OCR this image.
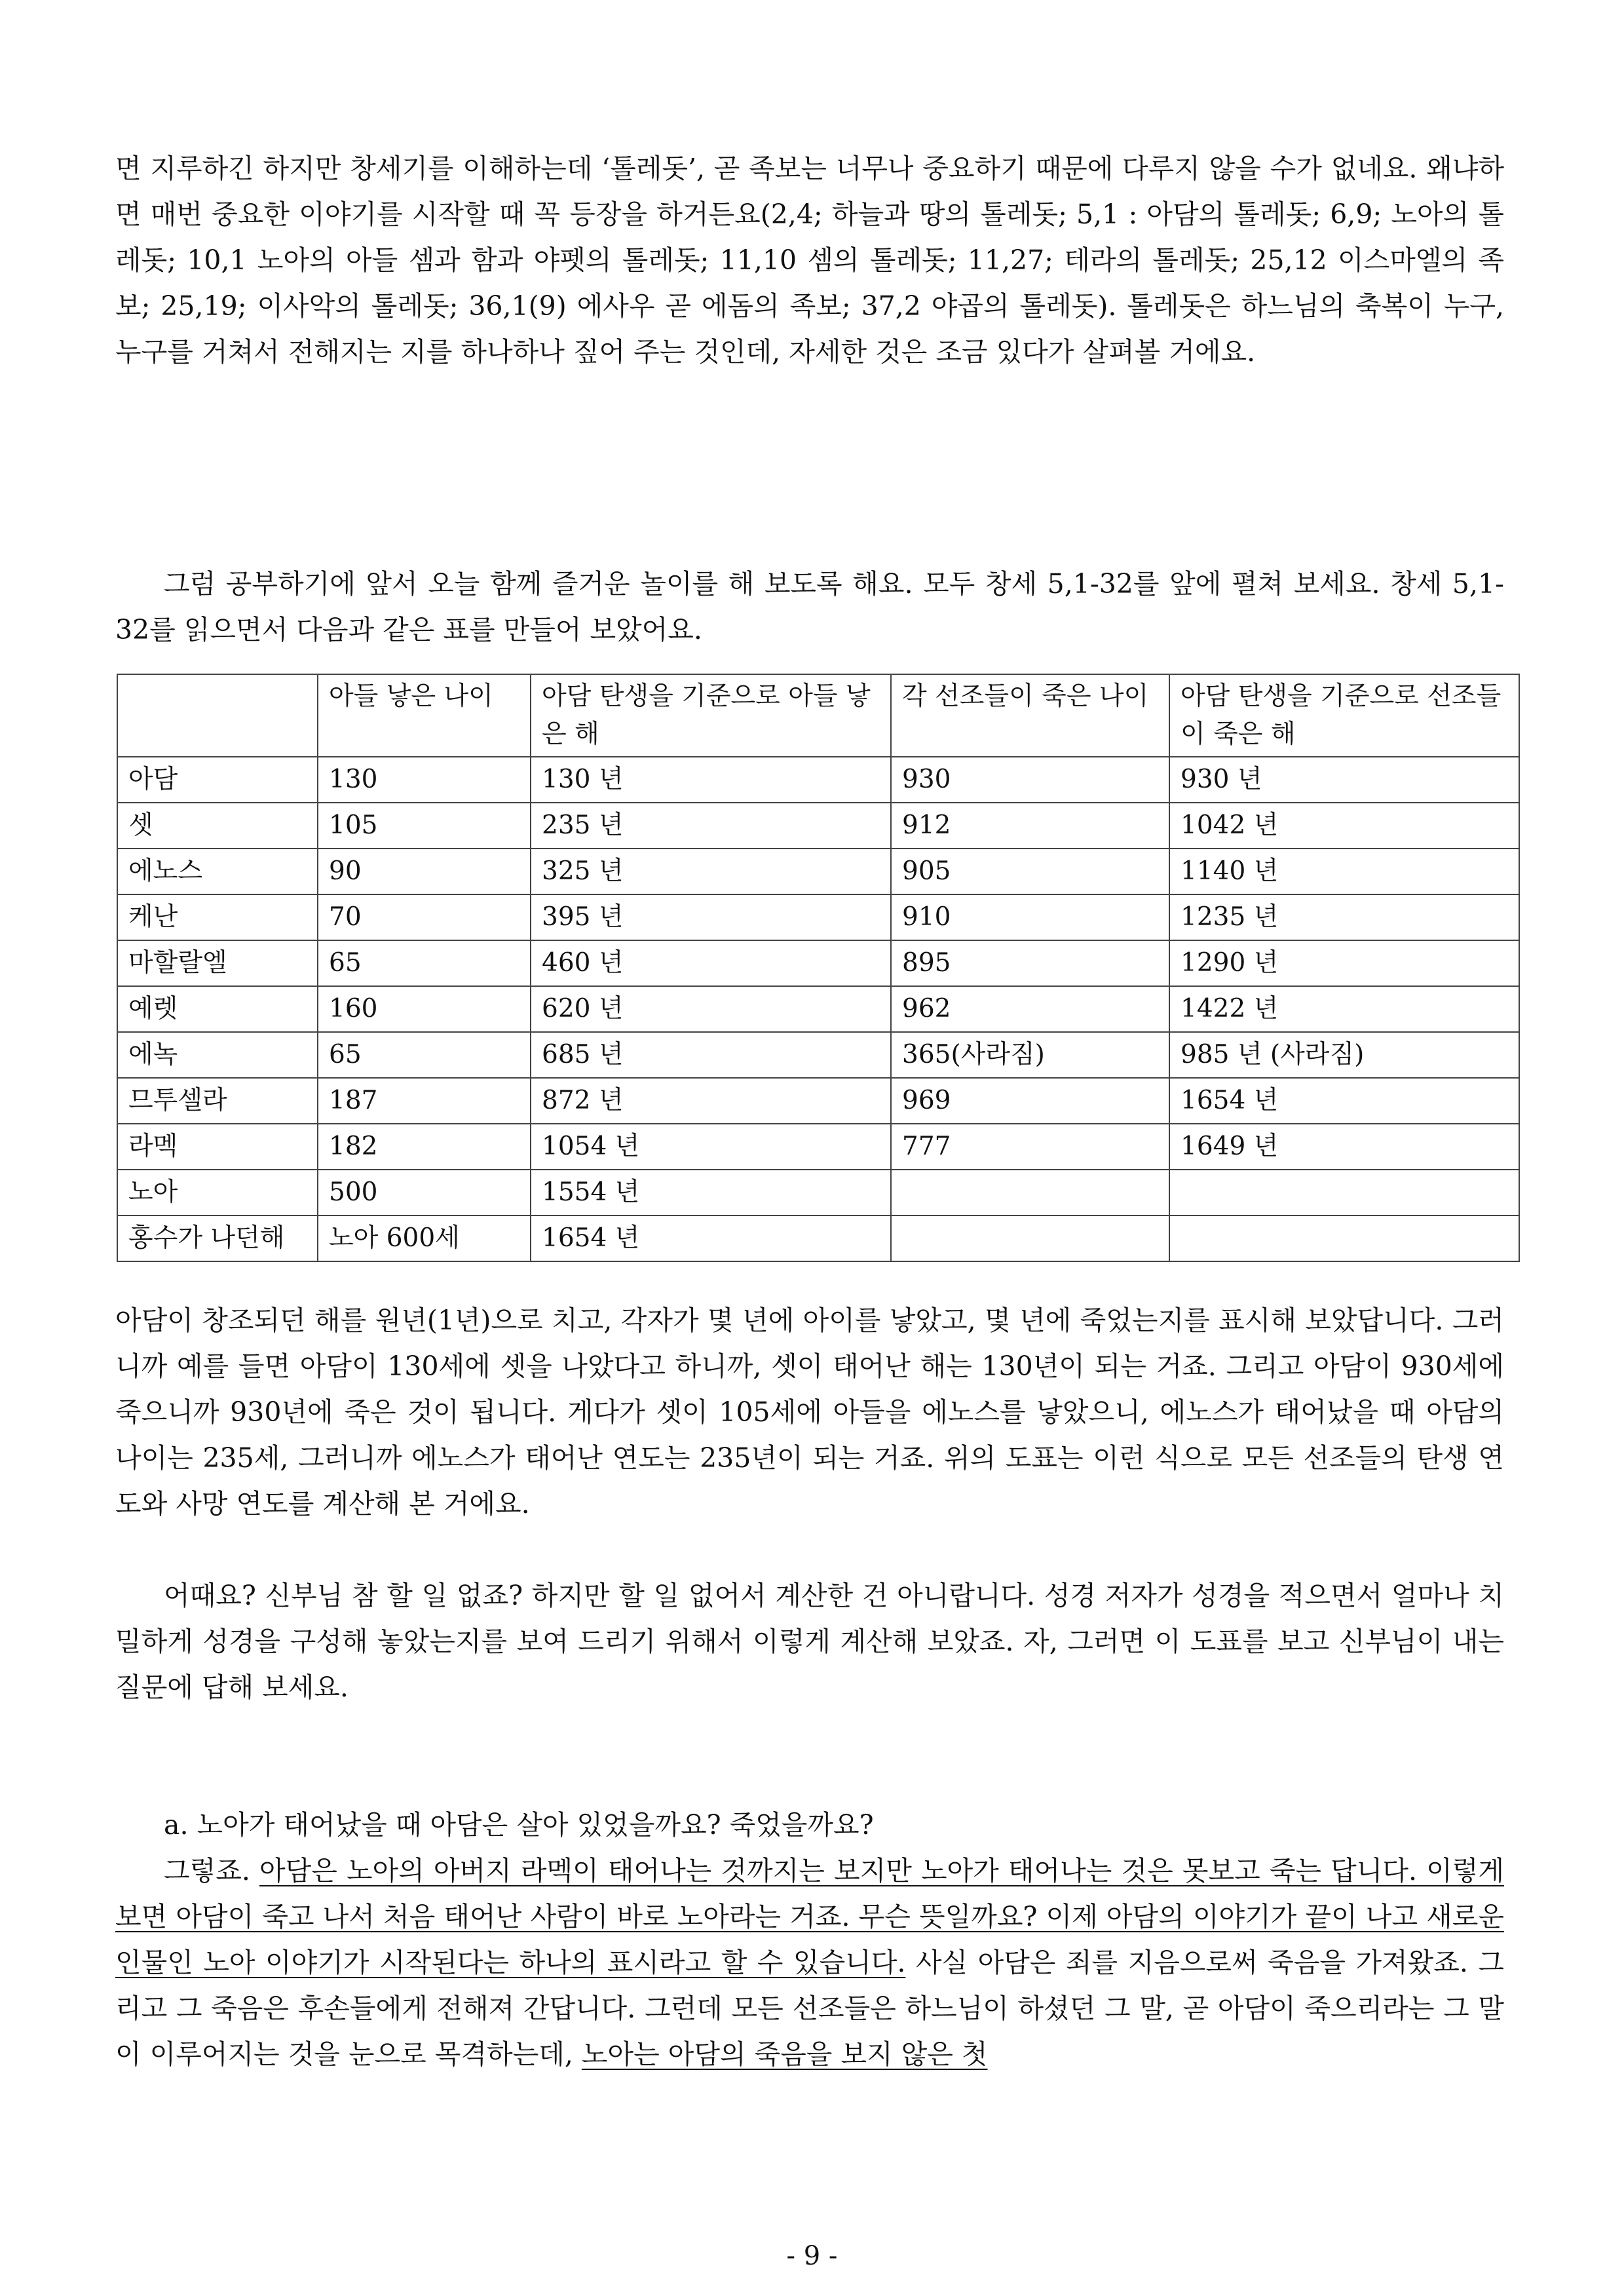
면 지루하긴 하지만 창세기를 이해하는데 ‘톨레돗’, 곧 족보는 너무나 중요하기 때문에 다루지 않을 수가 없네요. 왜냐하면 매번 중요한 이야기를 시작할 때 꼭 등장을 하거든요(2,4; 하늘과 땅의 톨레돗; 5,1 : 아담의 톨레돗; 6,9; 노아의 톨레돗; 10,1 노아의 아들 셈과 함과 야펫의 톨레돗; 11,10 셈의 톨레돗; 11,27; 테라의 톨레돗; 25,12 이스마엘의 족보; 25,19; 이사악의 톨레돗; 36,1(9) 에사우 곧 에돔의 족보; 37,2 야곱의 톨레돗). 톨레돗은 하느님의 축복이 누구, 누구를 거쳐서 전해지는 지를 하나하나 짚어 주는 것인데, 자세한 것은 조금 있다가 살펴볼 거에요.
그럼 공부하기에 앞서 오늘 함께 즐거운 놀이를 해 보도록 해요. 모두 창세 5,1-32를 앞에 펼쳐 보세요. 창세 5,1-32를 읽으면서 다음과 같은 표를 만들어 보았어요.
	아들 낳은 나이	아담 탄생을 기준으로 아들 낳은 해	각 선조들이 죽은 나이	아담 탄생을 기준으로 선조들이 죽은 해
아담	130	130 년	930	930 년
셋	105	235 년	912	1042 년
에노스	90	325 년	905	1140 년
케난	70	395 년	910	1235 년
마할랄엘	65	460 년	895	1290 년
예렛	160	620 년	962	1422 년
에녹	65	685 년	365(사라짐)	985 년 (사라짐)
므투셀라	187	872 년	969	1654 년
라멕	182	1054 년	777	1649 년
노아	500	1554 년		
홍수가 나던해	노아 600세	1654 년		
아담이 창조되던 해를 원년(1년)으로 치고, 각자가 몇 년에 아이를 낳았고, 몇 년에 죽었는지를 표시해 보았답니다. 그러니까 예를 들면 아담이 130세에 셋을 나았다고 하니까, 셋이 태어난 해는 130년이 되는 거죠. 그리고 아담이 930세에 죽으니까 930년에 죽은 것이 됩니다. 게다가 셋이 105세에 아들을 에노스를 낳았으니, 에노스가 태어났을 때 아담의 나이는 235세, 그러니까 에노스가 태어난 연도는 235년이 되는 거죠. 위의 도표는 이런 식으로 모든 선조들의 탄생 연도와 사망 연도를 계산해 본 거에요.
어때요? 신부님 참 할 일 없죠? 하지만 할 일 없어서 계산한 건 아니랍니다. 성경 저자가 성경을 적으면서 얼마나 치밀하게 성경을 구성해 놓았는지를 보여 드리기 위해서 이렇게 계산해 보았죠. 자, 그러면 이 도표를 보고 신부님이 내는 질문에 답해 보세요.
a. 노아가 태어났을 때 아담은 살아 있었을까요? 죽었을까요?
그렇죠. 아담은 노아의 아버지 라멕이 태어나는 것까지는 보지만 노아가 태어나는 것은 못보고 죽는 답니다. 이렇게 보면 아담이 죽고 나서 처음 태어난 사람이 바로 노아라는 거죠. 무슨 뜻일까요? 이제 아담의 이야기가 끝이 나고 새로운 인물인 노아 이야기가 시작된다는 하나의 표시라고 할 수 있습니다. 사실 아담은 죄를 지음으로써 죽음을 가져왔죠. 그리고 그 죽음은 후손들에게 전해져 간답니다. 그런데 모든 선조들은 하느님이 하셨던 그 말, 곧 아담이 죽으리라는 그 말이 이루어지는 것을 눈으로 목격하는데, 노아는 아담의 죽음을 보지 않은 첫
- 9 -
